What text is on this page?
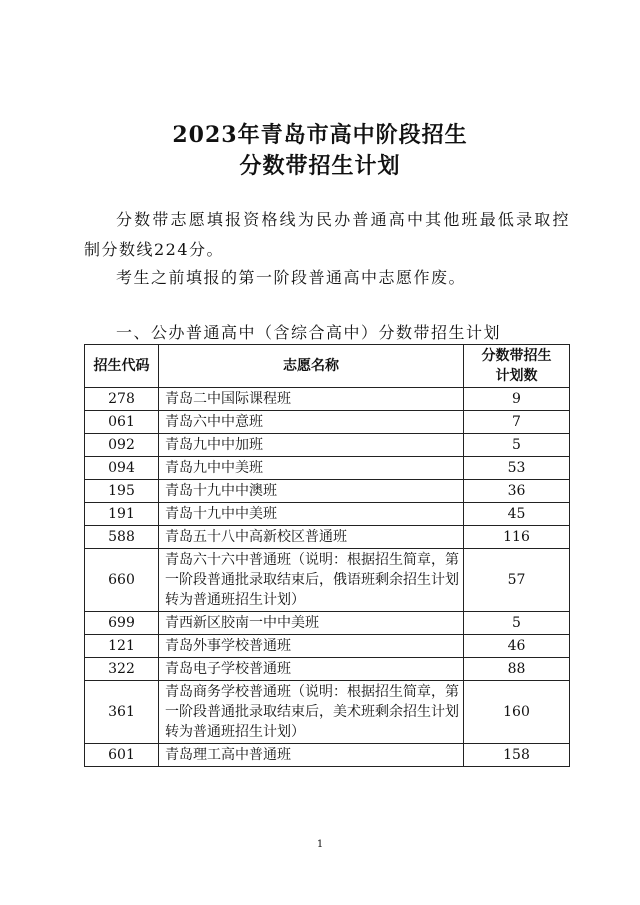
2023年青岛市高中阶段招生
分数带招生计划
分数带志愿填报资格线为民办普通高中其他班最低录取控制分数线224分。
考生之前填报的第一阶段普通高中志愿作废。
一、公办普通高中（含综合高中）分数带招生计划
招生代码	志愿名称	分数带招生
计划数

278	青岛二中国际课程班	9
061	青岛六中中意班	7
092	青岛九中中加班	5
094	青岛九中中美班	53
195	青岛十九中中澳班	36
191	青岛十九中中美班	45
588	青岛五十八中高新校区普通班	116
660	青岛六十六中普通班（说明：根据招生简章，第一阶段普通批录取结束后，俄语班剩余招生计划转为普通班招生计划）	57
699	青西新区胶南一中中美班	5
121	青岛外事学校普通班	46
322	青岛电子学校普通班	88
361	青岛商务学校普通班（说明：根据招生简章，第一阶段普通批录取结束后，美术班剩余招生计划转为普通班招生计划）	160
601	青岛理工高中普通班	158
1
